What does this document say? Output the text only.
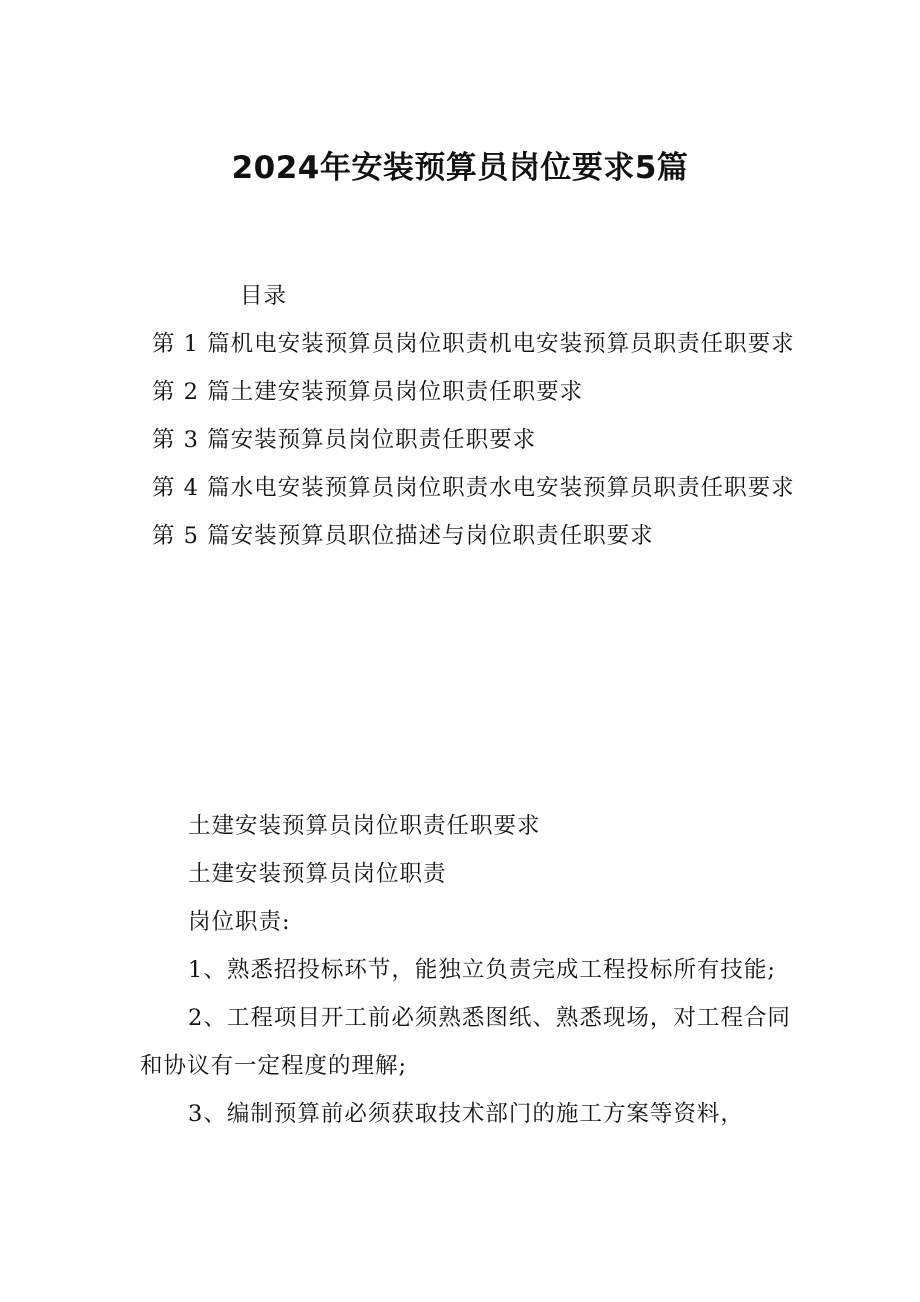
2024年安装预算员岗位要求5篇
目录

第 1 篇机电安装预算员岗位职责机电安装预算员职责任职要求

第 2 篇土建安装预算员岗位职责任职要求

第 3 篇安装预算员岗位职责任职要求

第 4 篇水电安装预算员岗位职责水电安装预算员职责任职要求

第 5 篇安装预算员职位描述与岗位职责任职要求

土建安装预算员岗位职责任职要求

土建安装预算员岗位职责

岗位职责:

1、熟悉招投标环节，能独立负责完成工程投标所有技能;

2、工程项目开工前必须熟悉图纸、熟悉现场，对工程合同和协议有一定程度的理解;

3、编制预算前必须获取技术部门的施工方案等资料，
